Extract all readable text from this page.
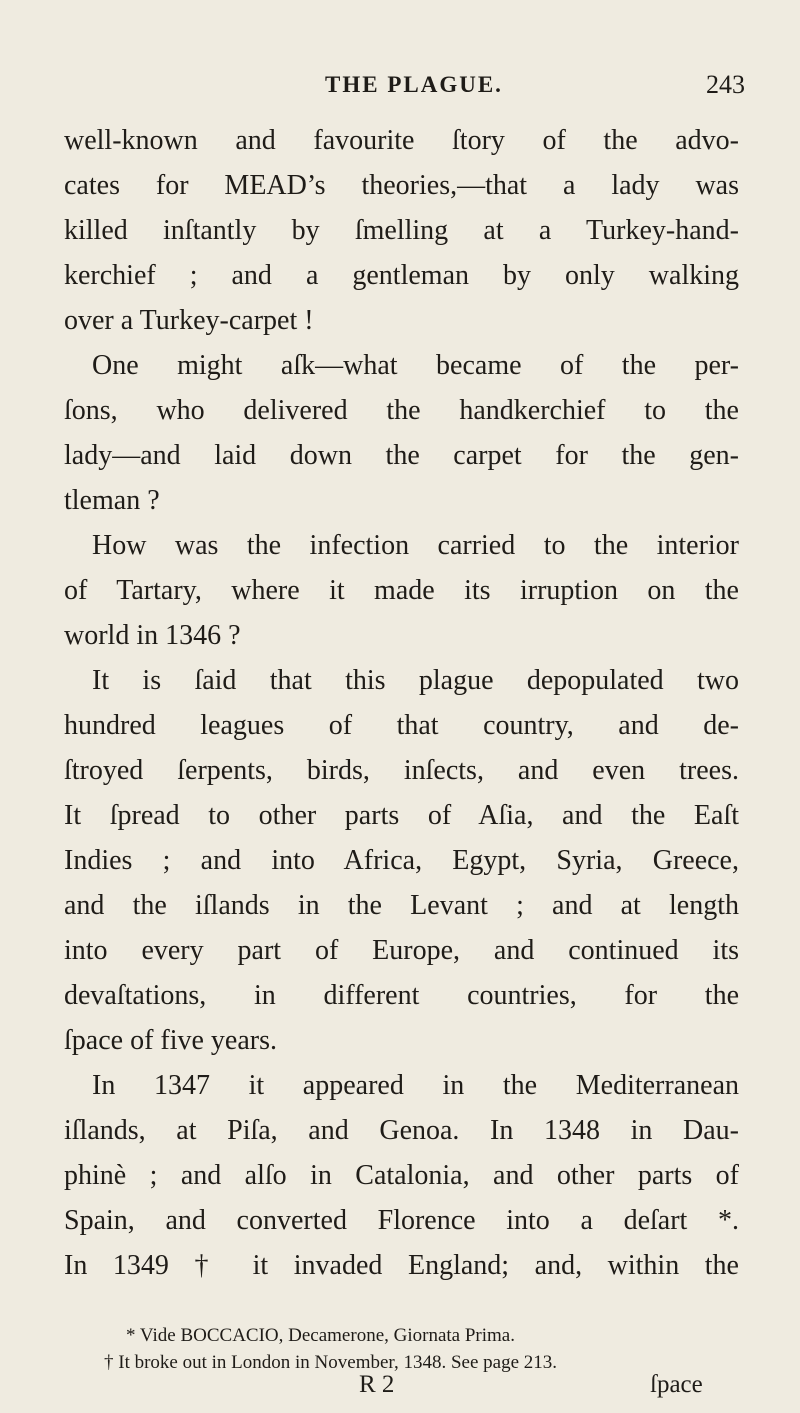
THE PLAGUE.	243
well-known and favourite ſtory of the advo-
cates for MEAD’s theories,—that a lady was
killed inſtantly by ſmelling at a Turkey-hand-
kerchief ; and a gentleman by only walking
over a Turkey-carpet !
One might aſk—what became of the per-
ſons, who delivered the handkerchief to the
lady—and laid down the carpet for the gen-
tleman ?
How was the infection carried to the interior
of Tartary, where it made its irruption on the
world in 1346 ?
It is ſaid that this plague depopulated two
hundred leagues of that country, and de-
ſtroyed ſerpents, birds, inſects, and even trees.
It ſpread to other parts of Aſia, and the Eaſt
Indies ; and into Africa, Egypt, Syria, Greece,
and the iſlands in the Levant ; and at length
into every part of Europe, and continued its
devaſtations, in different countries, for the
ſpace of five years.
In 1347 it appeared in the Mediterranean
iſlands, at Piſa, and Genoa. In 1348 in Dau-
phinè ; and alſo in Catalonia, and other parts of
Spain, and converted Florence into a deſart *.
In 1349 † it invaded England; and, within the
* Vide BOCCACIO, Decamerone, Giornata Prima.
† It broke out in London in November, 1348. See page 213.
R 2	ſpace
